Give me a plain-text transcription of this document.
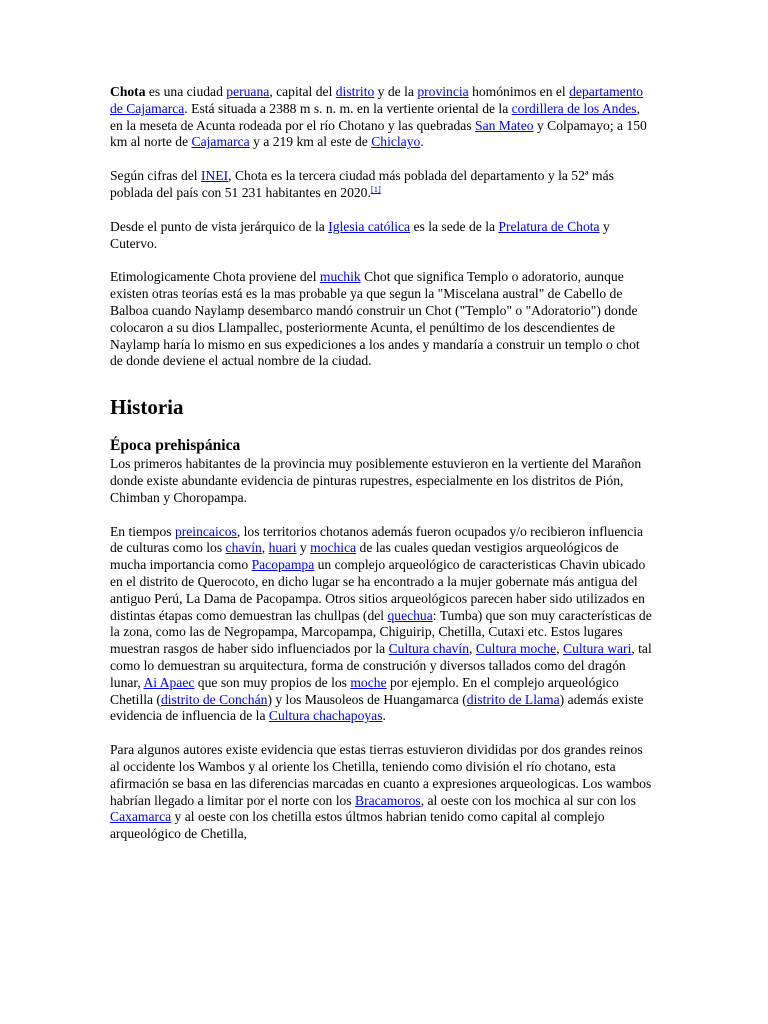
Chota es una ciudad peruana, capital del distrito y de la provincia homónimos en el departamento de Cajamarca. Está situada a 2388 m s. n. m. en la vertiente oriental de la cordillera de los Andes, en la meseta de Acunta rodeada por el río Chotano y las quebradas San Mateo y Colpamayo; a 150 km al norte de Cajamarca y a 219 km al este de Chiclayo.

Según cifras del INEI, Chota es la tercera ciudad más poblada del departamento y la 52ª más poblada del país con 51 231 habitantes en 2020.[1]

Desde el punto de vista jerárquico de la Iglesia católica es la sede de la Prelatura de Chota y Cutervo.

Etimologicamente Chota proviene del muchik Chot que significa Templo o adoratorio, aunque existen otras teorías está es la mas probable ya que segun la "Miscelana austral" de Cabello de Balboa cuando Naylamp desembarco mandó construir un Chot ("Templo" o "Adoratorio") donde colocaron a su dios Llampallec, posteriormente Acunta, el penúltimo de los descendientes de Naylamp haría lo mismo en sus expediciones a los andes y mandaría a construir un templo o chot de donde deviene el actual nombre de la ciudad.

Historia
Época prehispánica

Los primeros habitantes de la provincia muy posiblemente estuvieron en la vertiente del Marañon donde existe abundante evidencia de pinturas rupestres, especialmente en los distritos de Pión, Chimban y Choropampa.

En tiempos preincaicos, los territorios chotanos además fueron ocupados y/o recibieron influencia de culturas como los chavín, huari y mochica de las cuales quedan vestigios arqueológicos de mucha importancia como Pacopampa un complejo arqueológico de caracteristicas Chavin ubicado en el distrito de Querocoto, en dicho lugar se ha encontrado a la mujer gobernate más antigua del antiguo Perú, La Dama de Pacopampa. Otros sitios arqueológicos parecen haber sido utilizados en distintas étapas como demuestran las chullpas (del quechua: Tumba) que son muy características de la zona, como las de Negropampa, Marcopampa, Chiguirip, Chetilla, Cutaxi etc. Estos lugares muestran rasgos de haber sido influenciados por la Cultura chavín, Cultura moche, Cultura wari, tal como lo demuestran su arquitectura, forma de construción y diversos tallados como del dragón lunar, Ai Apaec que son muy propios de los moche por ejemplo. En el complejo arqueológico Chetilla (distrito de Conchán) y los Mausoleos de Huangamarca (distrito de Llama) además existe evidencia de influencia de la Cultura chachapoyas.

Para algunos autores existe evidencia que estas tierras estuvieron divididas por dos grandes reinos al occidente los Wambos y al oriente los Chetilla, teniendo como división el río chotano, esta afirmación se basa en las diferencias marcadas en cuanto a expresiones arqueologicas. Los wambos habrían llegado a limitar por el norte con los Bracamoros, al oeste con los mochica al sur con los Caxamarca y al oeste con los chetilla estos últmos habrian tenido como capital al complejo arqueológico de Chetilla,
